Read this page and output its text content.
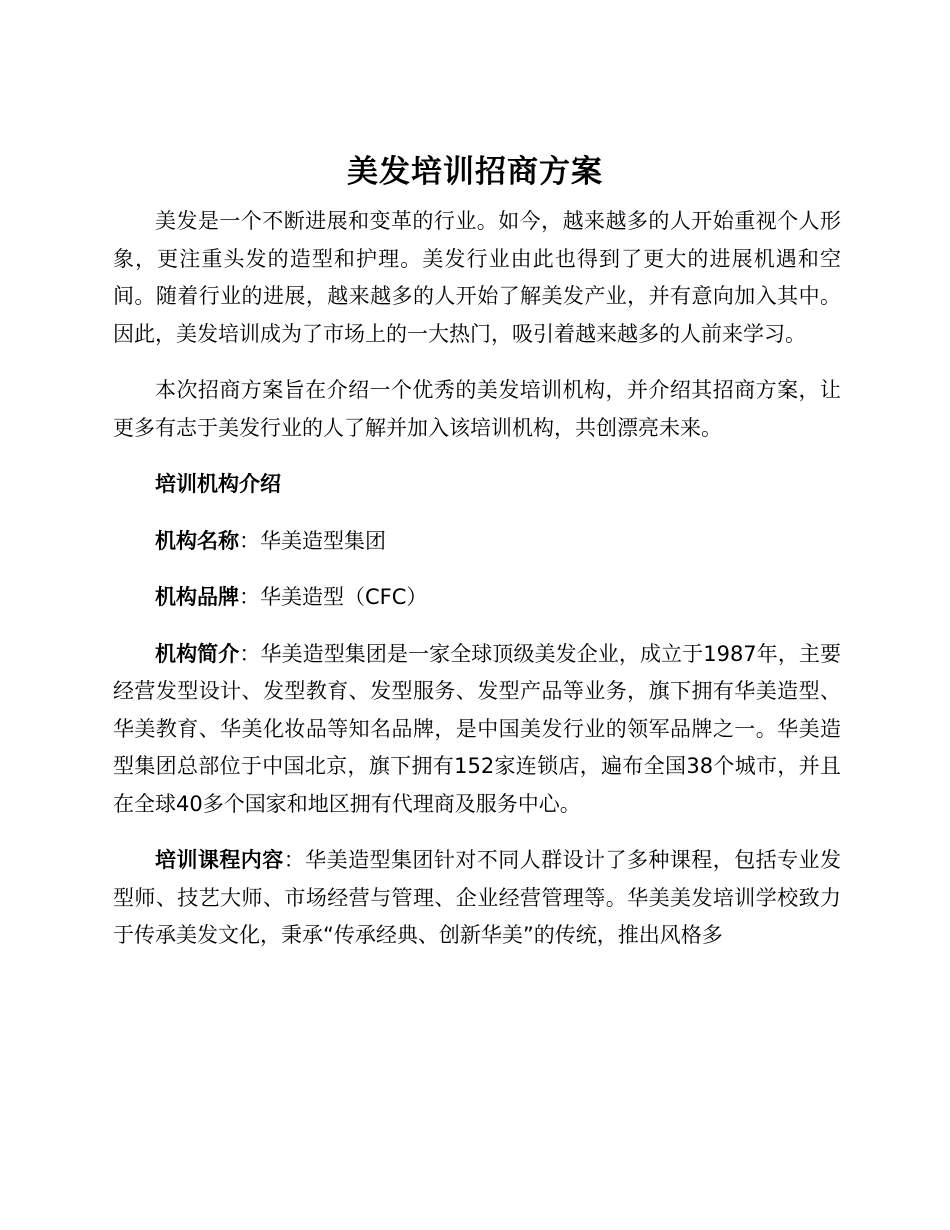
美发培训招商方案

美发是一个不断进展和变革的行业。如今，越来越多的人开始重视个人形象，更注重头发的造型和护理。美发行业由此也得到了更大的进展机遇和空间。随着行业的进展，越来越多的人开始了解美发产业，并有意向加入其中。因此，美发培训成为了市场上的一大热门，吸引着越来越多的人前来学习。

本次招商方案旨在介绍一个优秀的美发培训机构，并介绍其招商方案，让更多有志于美发行业的人了解并加入该培训机构，共创漂亮未来。

培训机构介绍

机构名称：华美造型集团

机构品牌：华美造型（CFC）

机构简介：华美造型集团是一家全球顶级美发企业，成立于1987年，主要经营发型设计、发型教育、发型服务、发型产品等业务，旗下拥有华美造型、华美教育、华美化妆品等知名品牌，是中国美发行业的领军品牌之一。华美造型集团总部位于中国北京，旗下拥有152家连锁店，遍布全国38个城市，并且在全球40多个国家和地区拥有代理商及服务中心。

培训课程内容：华美造型集团针对不同人群设计了多种课程，包括专业发型师、技艺大师、市场经营与管理、企业经营管理等。华美美发培训学校致力于传承美发文化，秉承“传承经典、创新华美”的传统，推出风格多
